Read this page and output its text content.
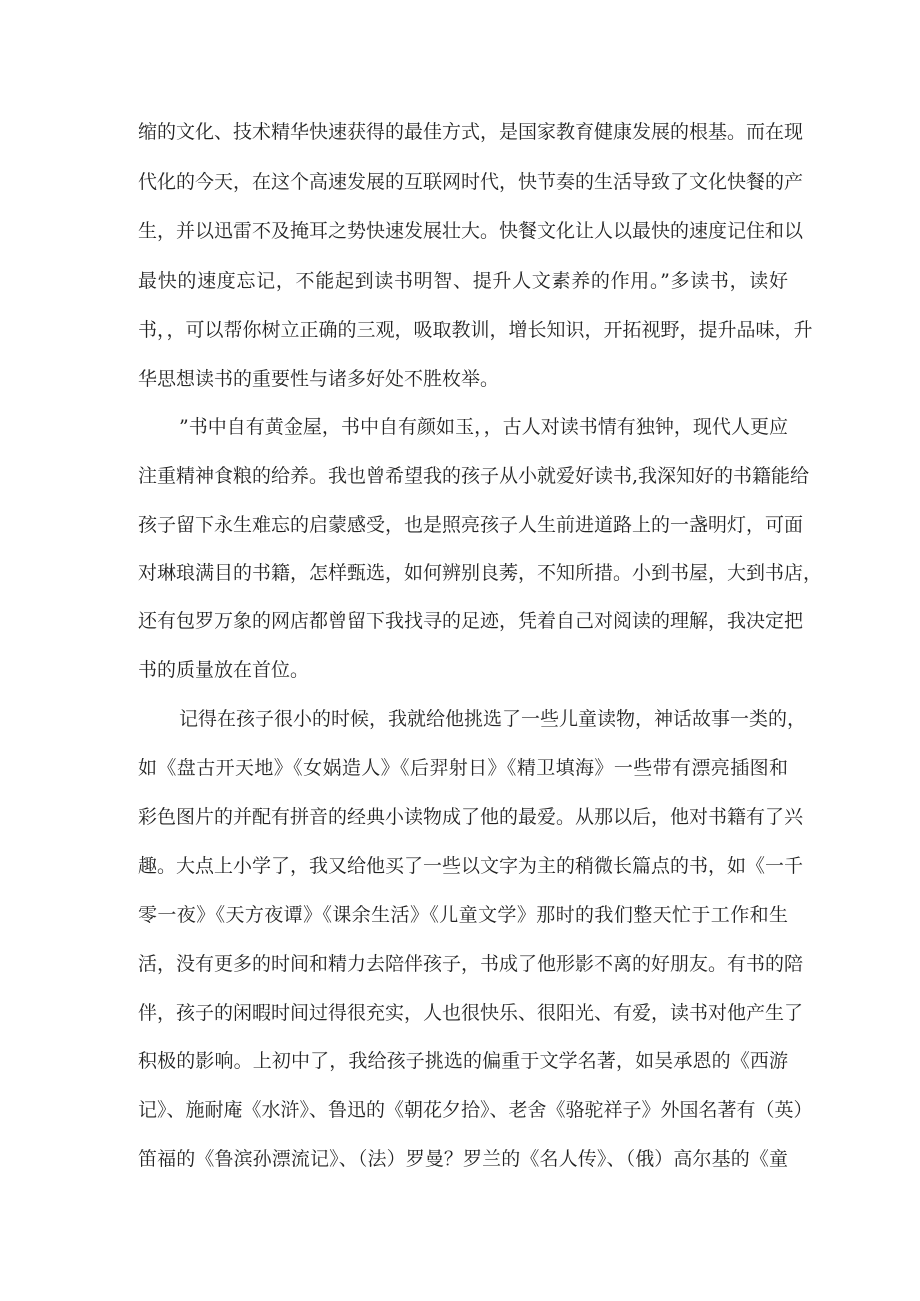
缩的文化、技术精华快速获得的最佳方式，是国家教育健康发展的根基。而在现
代化的今天，在这个高速发展的互联网时代，快节奏的生活导致了文化快餐的产
生，并以迅雷不及掩耳之势快速发展壮大。快餐文化让人以最快的速度记住和以
最快的速度忘记，不能起到读书明智、提升人文素养的作用。”多读书，读好
书，，可以帮你树立正确的三观，吸取教训，增长知识，开拓视野，提升品味，升
华思想读书的重要性与诸多好处不胜枚举。
”书中自有黄金屋，书中自有颜如玉，，古人对读书情有独钟，现代人更应
注重精神食粮的给养。我也曾希望我的孩子从小就爱好读书,我深知好的书籍能给
孩子留下永生难忘的启蒙感受，也是照亮孩子人生前进道路上的一盏明灯，可面
对琳琅满目的书籍，怎样甄选，如何辨别良莠，不知所措。小到书屋，大到书店，
还有包罗万象的网店都曾留下我找寻的足迹，凭着自己对阅读的理解，我决定把
书的质量放在首位。
记得在孩子很小的时候，我就给他挑选了一些儿童读物，神话故事一类的，
如《盘古开天地》《女娲造人》《后羿射日》《精卫填海》一些带有漂亮插图和
彩色图片的并配有拼音的经典小读物成了他的最爱。从那以后，他对书籍有了兴
趣。大点上小学了，我又给他买了一些以文字为主的稍微长篇点的书，如《一千
零一夜》《天方夜谭》《课余生活》《儿童文学》那时的我们整天忙于工作和生
活，没有更多的时间和精力去陪伴孩子，书成了他形影不离的好朋友。有书的陪
伴，孩子的闲暇时间过得很充实，人也很快乐、很阳光、有爱，读书对他产生了
积极的影响。上初中了，我给孩子挑选的偏重于文学名著，如吴承恩的《西游
记》、施耐庵《水浒》、鲁迅的《朝花夕拾》、老舍《骆驼祥子》外国名著有（英）
笛福的《鲁滨孙漂流记》、（法）罗曼？罗兰的《名人传》、（俄）高尔基的《童
